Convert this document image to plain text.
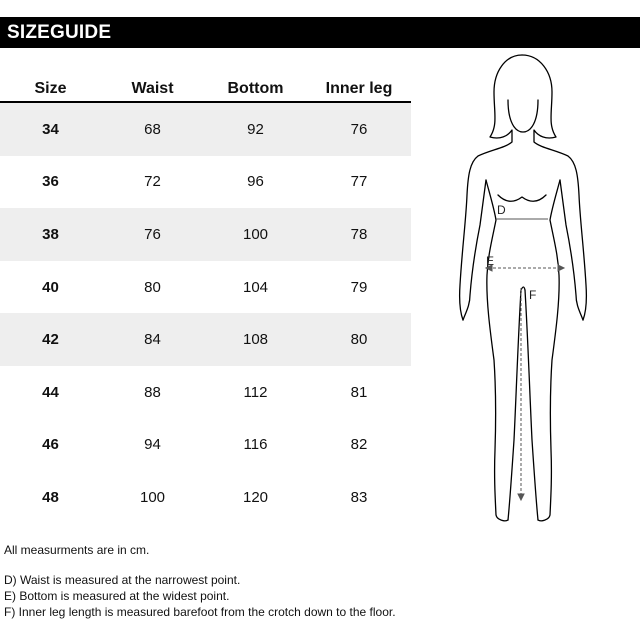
SIZEGUIDE
Size	Waist	Bottom	Inner leg
34	68	92	76
36	72	96	77
38	76	100	78
40	80	104	79
42	84	108	80
44	88	112	81
46	94	116	82
48	100	120	83
D
E
F
All measurments are in cm.
D) Waist is measured at the narrowest point.
E) Bottom is measured at the widest point.
F) Inner leg length is measured barefoot from the crotch down to the floor.
